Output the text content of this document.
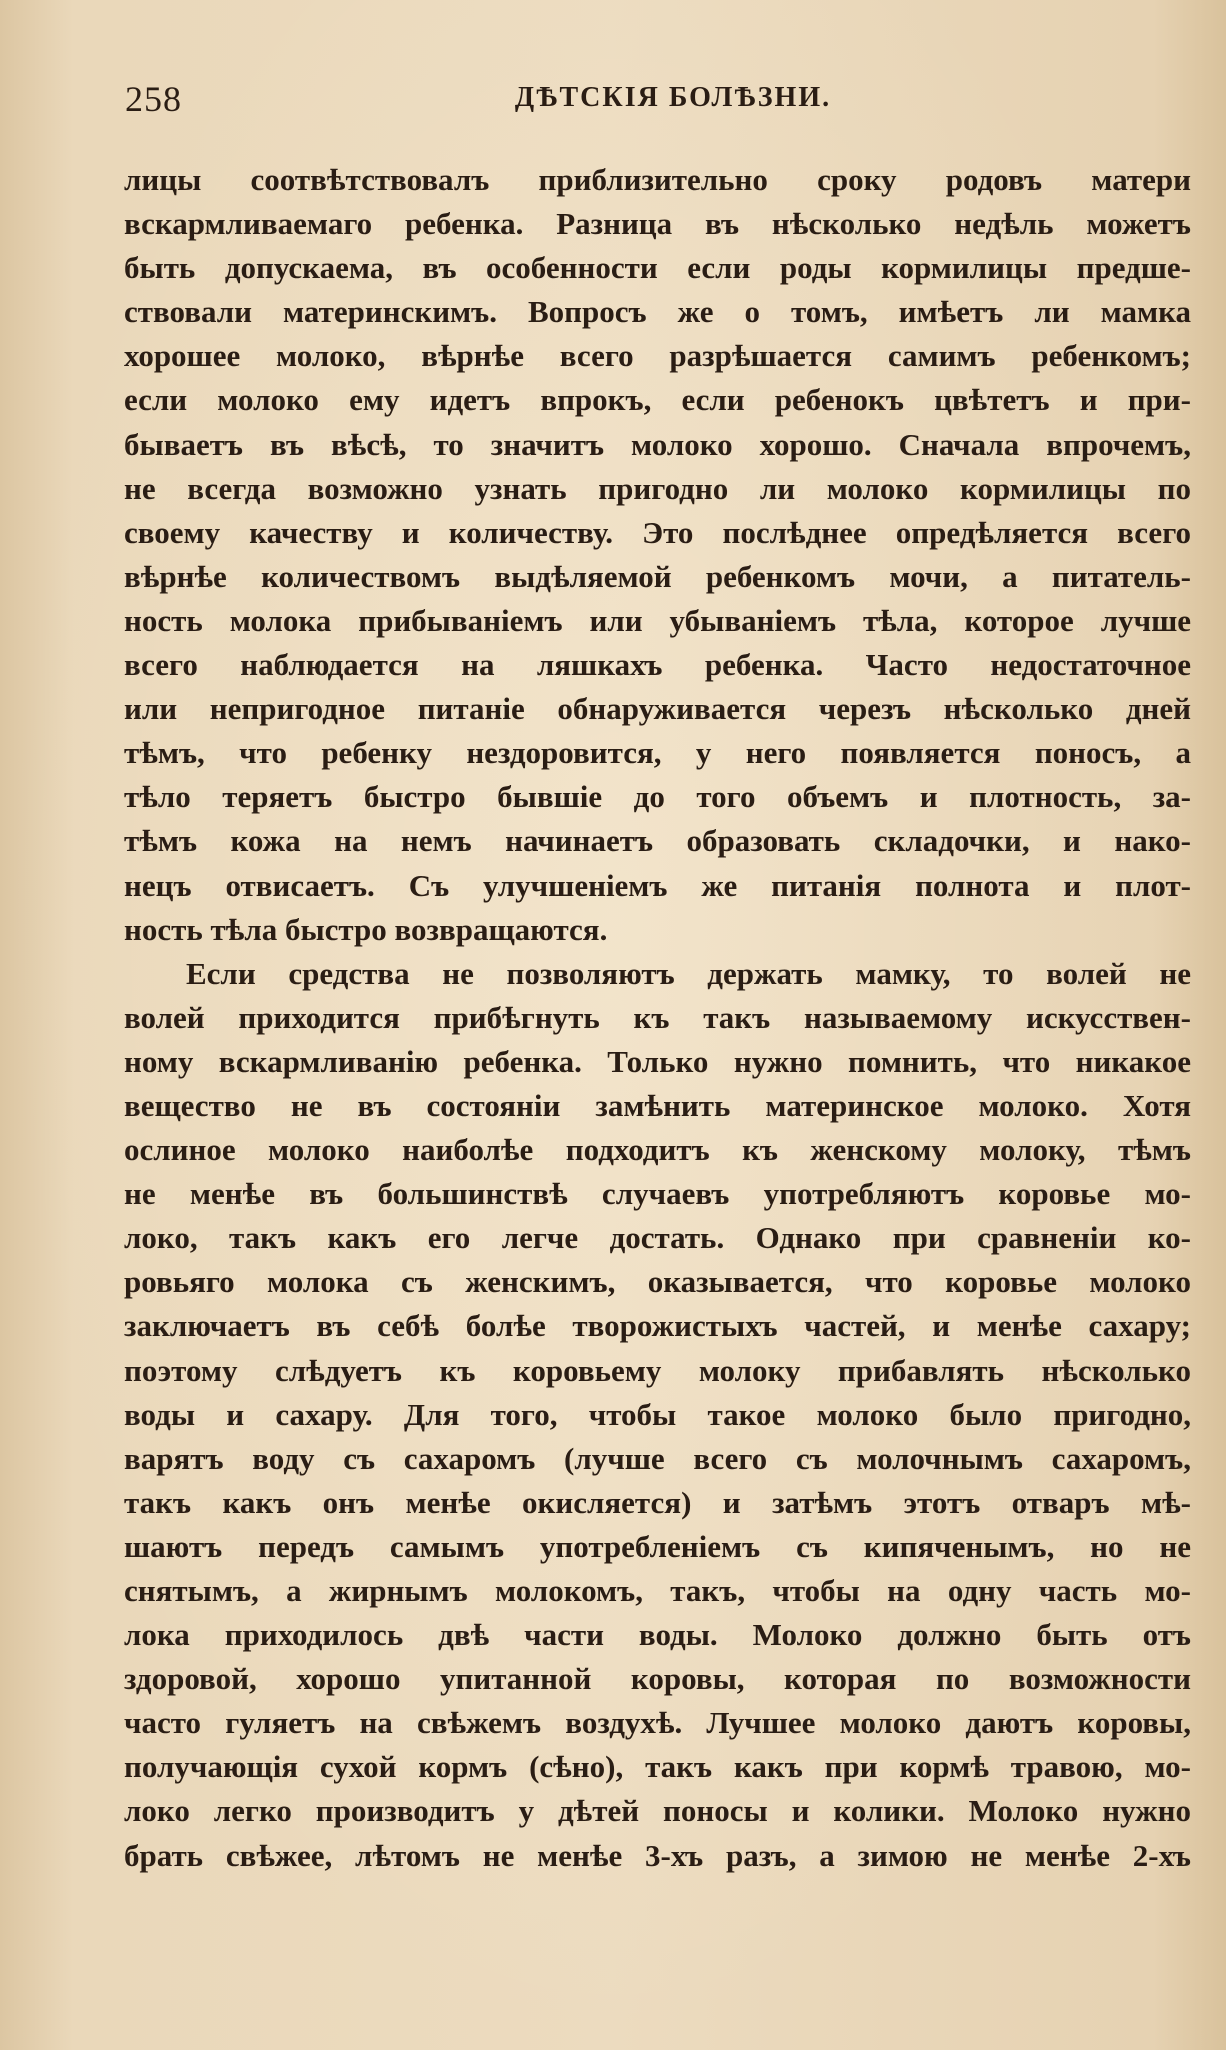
258	ДѢТСКІЯ БОЛѢЗНИ.
лицы соотвѣтствовалъ приблизительно сроку родовъ матери
вскармливаемаго ребенка. Разница въ нѣсколько недѣль можетъ
быть допускаема, въ особенности если роды кормилицы предше-
ствовали материнскимъ. Вопросъ же о томъ, имѣетъ ли мамка
хорошее молоко, вѣрнѣе всего разрѣшается самимъ ребенкомъ;
если молоко ему идетъ впрокъ, если ребенокъ цвѣтетъ и при-
бываетъ въ вѣсѣ, то значитъ молоко хорошо. Сначала впрочемъ,
не всегда возможно узнать пригодно ли молоко кормилицы по
своему качеству и количеству. Это послѣднее опредѣляется всего
вѣрнѣе количествомъ выдѣляемой ребенкомъ мочи, а питатель-
ность молока прибываніемъ или убываніемъ тѣла, которое лучше
всего наблюдается на ляшкахъ ребенка. Часто недостаточное
или непригодное питаніе обнаруживается черезъ нѣсколько дней
тѣмъ, что ребенку нездоровится, у него появляется поносъ, а
тѣло теряетъ быстро бывшіе до того объемъ и плотность, за-
тѣмъ кожа на немъ начинаетъ образовать складочки, и нако-
нецъ отвисаетъ. Съ улучшеніемъ же питанія полнота и плот-
ность тѣла быстро возвращаются.
Если средства не позволяютъ держать мамку, то волей не
волей приходится прибѣгнуть къ такъ называемому искусствен-
ному вскармливанію ребенка. Только нужно помнить, что никакое
вещество не въ состояніи замѣнить материнское молоко. Хотя
ослиное молоко наиболѣе подходитъ къ женскому молоку, тѣмъ
не менѣе въ большинствѣ случаевъ употребляютъ коровье мо-
локо, такъ какъ его легче достать. Однако при сравненіи ко-
ровьяго молока съ женскимъ, оказывается, что коровье молоко
заключаетъ въ себѣ болѣе творожистыхъ частей, и менѣе сахару;
поэтому слѣдуетъ къ коровьему молоку прибавлять нѣсколько
воды и сахару. Для того, чтобы такое молоко было пригодно,
варятъ воду съ сахаромъ (лучше всего съ молочнымъ сахаромъ,
такъ какъ онъ менѣе окисляется) и затѣмъ этотъ отваръ мѣ-
шаютъ передъ самымъ употребленіемъ съ кипяченымъ, но не
снятымъ, а жирнымъ молокомъ, такъ, чтобы на одну часть мо-
лока приходилось двѣ части воды. Молоко должно быть отъ
здоровой, хорошо упитанной коровы, которая по возможности
часто гуляетъ на свѣжемъ воздухѣ. Лучшее молоко даютъ коровы,
получающія сухой кормъ (сѣно), такъ какъ при кормѣ травою, мо-
локо легко производитъ у дѣтей поносы и колики. Молоко нужно
брать свѣжее, лѣтомъ не менѣе 3-хъ разъ, а зимою не менѣе 2-хъ
